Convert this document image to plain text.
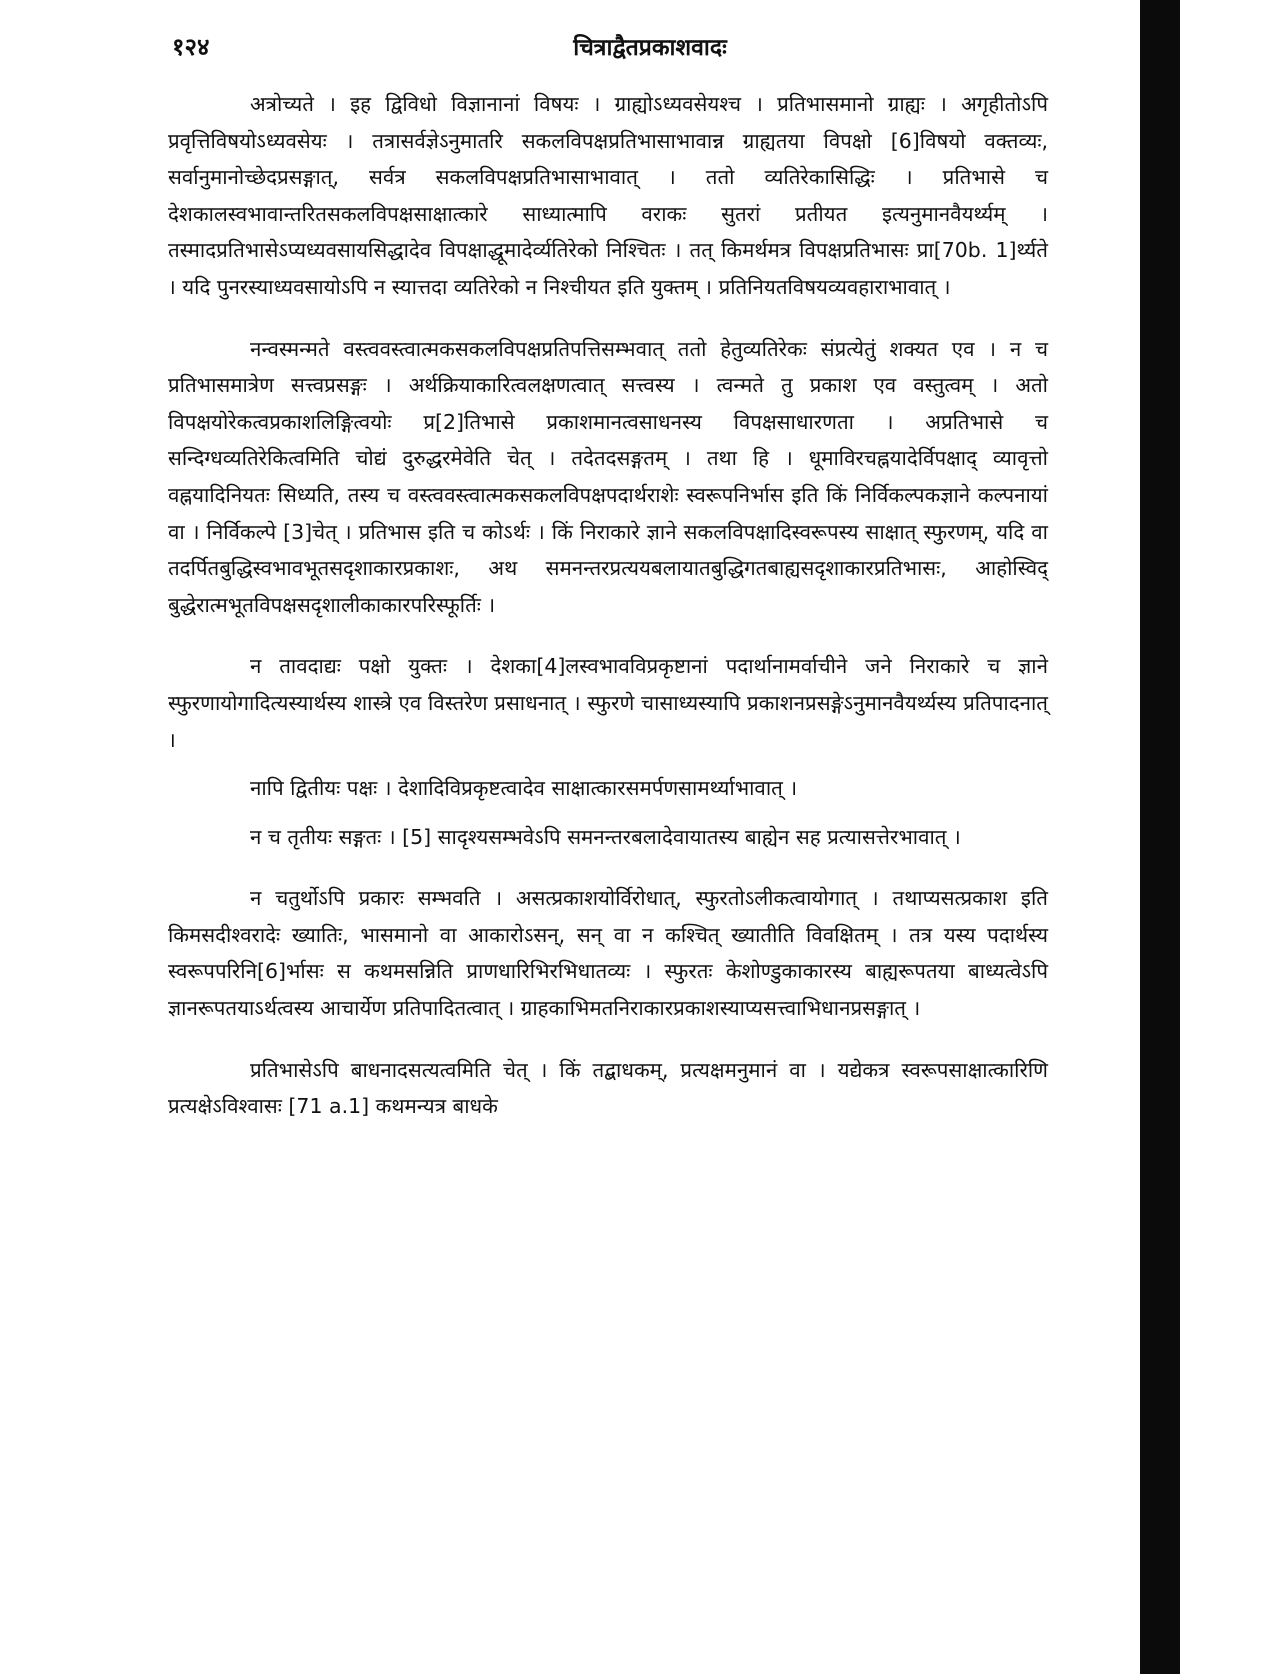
१२४	चित्राद्वैतप्रकाशवादः

अत्रोच्यते । इह द्विविधो विज्ञानानां विषयः । ग्राह्योऽध्यवसेयश्च । प्रतिभासमानो ग्राह्यः । अगृहीतोऽपि प्रवृत्तिविषयोऽध्यवसेयः । तत्रासर्वज्ञेऽनुमातरि सकलविपक्षप्रतिभासाभावान्न ग्राह्यतया विपक्षो [6]विषयो वक्तव्यः, सर्वानुमानोच्छेदप्रसङ्गात्, सर्वत्र सकलविपक्षप्रतिभासाभावात् । ततो व्यतिरेकासिद्धिः । प्रतिभासे च देशकालस्वभावान्तरितसकलविपक्षसाक्षात्कारे साध्यात्मापि वराकः सुतरां प्रतीयत इत्यनुमानवैयर्थ्यम् । तस्मादप्रतिभासेऽप्यध्यवसायसिद्धादेव विपक्षाद्धूमादेर्व्यतिरेको निश्चितः । तत् किमर्थमत्र विपक्षप्रतिभासः प्रा[70b. 1]र्थ्यते । यदि पुनरस्याध्यवसायोऽपि न स्यात्तदा व्यतिरेको न निश्चीयत इति युक्तम् । प्रतिनियतविषयव्यवहाराभावात् ।

नन्वस्मन्मते वस्त्ववस्त्वात्मकसकलविपक्षप्रतिपत्तिसम्भवात् ततो हेतुव्यतिरेकः संप्रत्येतुं शक्यत एव । न च प्रतिभासमात्रेण सत्त्वप्रसङ्गः । अर्थक्रियाकारित्वलक्षणत्वात् सत्त्वस्य । त्वन्मते तु प्रकाश एव वस्तुत्वम् । अतो विपक्षयोरेकत्वप्रकाशलिङ्गित्वयोः प्र[2]तिभासे प्रकाशमानत्वसाधनस्य विपक्षसाधारणता । अप्रतिभासे च सन्दिग्धव्यतिरेकित्वमिति चोद्यं दुरुद्धरमेवेति चेत् । तदेतदसङ्गतम् । तथा हि । धूमाविरचह्नयादेर्विपक्षाद् व्यावृत्तो वह्नयादिनियतः सिध्यति, तस्य च वस्त्ववस्त्वात्मकसकलविपक्षपदार्थराशेः स्वरूपनिर्भास इति किं निर्विकल्पकज्ञाने कल्पनायां वा । निर्विकल्पे [3]चेत् । प्रतिभास इति च कोऽर्थः । किं निराकारे ज्ञाने सकलविपक्षादिस्वरूपस्य साक्षात् स्फुरणम्, यदि वा तदर्पितबुद्धिस्वभावभूतसदृशाकारप्रकाशः, अथ समनन्तरप्रत्ययबलायातबुद्धिगतबाह्यसदृशाकारप्रतिभासः, आहोस्विद् बुद्धेरात्मभूतविपक्षसदृशालीकाकारपरिस्फूर्तिः ।

न तावदाद्यः पक्षो युक्तः । देशका[4]लस्वभावविप्रकृष्टानां पदार्थानामर्वाचीने जने निराकारे च ज्ञाने स्फुरणायोगादित्यस्यार्थस्य शास्त्रे एव विस्तरेण प्रसाधनात् । स्फुरणे चासाध्यस्यापि प्रकाशनप्रसङ्गेऽनुमानवैयर्थ्यस्य प्रतिपादनात् ।

नापि द्वितीयः पक्षः । देशादिविप्रकृष्टत्वादेव साक्षात्कारसमर्पणसामर्थ्याभावात् ।

न च तृतीयः सङ्गतः । [5] सादृश्यसम्भवेऽपि समनन्तरबलादेवायातस्य बाह्येन सह प्रत्यासत्तेरभावात् ।

न चतुर्थोऽपि प्रकारः सम्भवति । असत्प्रकाशयोर्विरोधात्, स्फुरतोऽलीकत्वायोगात् । तथाप्यसत्प्रकाश इति किमसदीश्वरादेः ख्यातिः, भासमानो वा आकारोऽसन्, सन् वा न कश्चित् ख्यातीति विवक्षितम् । तत्र यस्य पदार्थस्य स्वरूपपरिनि[6]र्भासः स कथमसन्निति प्राणधारिभिरभिधातव्यः । स्फुरतः केशोण्डुकाकारस्य बाह्यरूपतया बाध्यत्वेऽपि ज्ञानरूपतयाऽर्थत्वस्य आचार्येण प्रतिपादितत्वात् । ग्राहकाभिमतनिराकारप्रकाशस्याप्यसत्त्वाभिधानप्रसङ्गात् ।

प्रतिभासेऽपि बाधनादसत्यत्वमिति चेत् । किं तद्बाधकम्, प्रत्यक्षमनुमानं वा । यद्येकत्र स्वरूपसाक्षात्कारिणि प्रत्यक्षेऽविश्वासः [71 a.1] कथमन्यत्र बाधके
